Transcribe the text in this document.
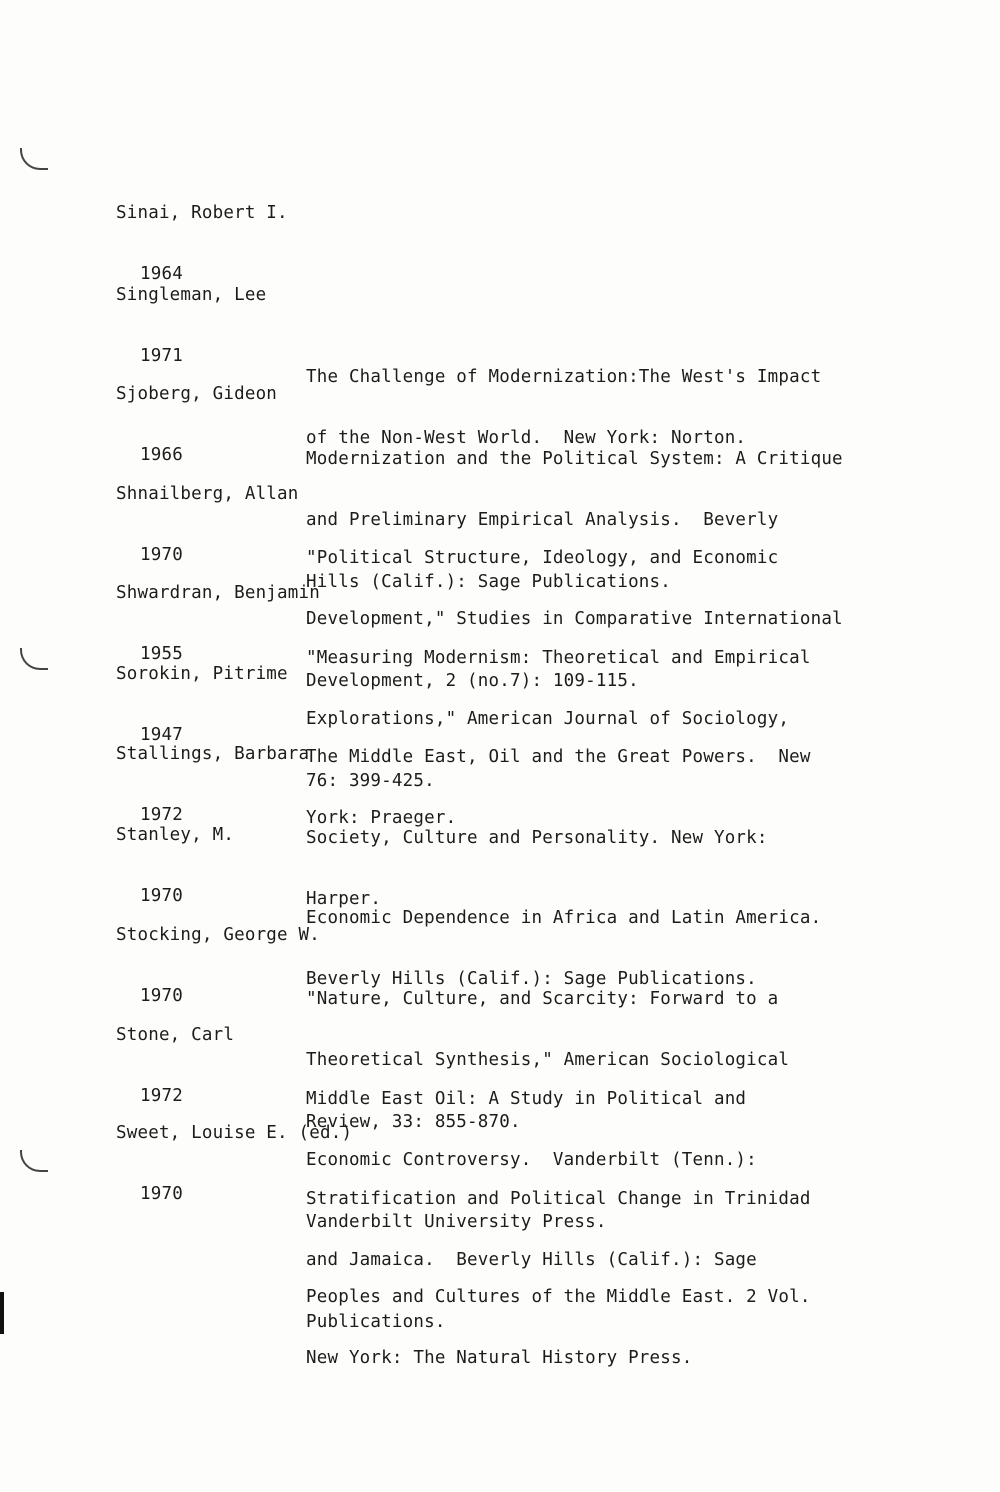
Sinai, Robert I.

1964

The Challenge of Modernization:The West's Impact

of the Non-West World.  New York: Norton.

Singleman, Lee

1971

Modernization and the Political System: A Critique

and Preliminary Empirical Analysis.  Beverly

Hills (Calif.): Sage Publications.

Sjoberg, Gideon

1966

"Political Structure, Ideology, and Economic

Development," Studies in Comparative International

Development, 2 (no.7): 109-115.

Shnailberg, Allan

1970

"Measuring Modernism: Theoretical and Empirical

Explorations," American Journal of Sociology,

76: 399-425.

Shwardran, Benjamin

1955

The Middle East, Oil and the Great Powers.  New

York: Praeger.

Sorokin, Pitrime

1947

Society, Culture and Personality. New York:

Harper.

Stallings, Barbara

1972

Economic Dependence in Africa and Latin America.

Beverly Hills (Calif.): Sage Publications.

Stanley, M.

1970

"Nature, Culture, and Scarcity: Forward to a

Theoretical Synthesis," American Sociological

Review, 33: 855-870.

Stocking, George W.

1970

Middle East Oil: A Study in Political and

Economic Controversy.  Vanderbilt (Tenn.):

Vanderbilt University Press.

Stone, Carl

1972

Stratification and Political Change in Trinidad

and Jamaica.  Beverly Hills (Calif.): Sage

Publications.

Sweet, Louise E. (ed.)

1970

Peoples and Cultures of the Middle East. 2 Vol.

New York: The Natural History Press.
